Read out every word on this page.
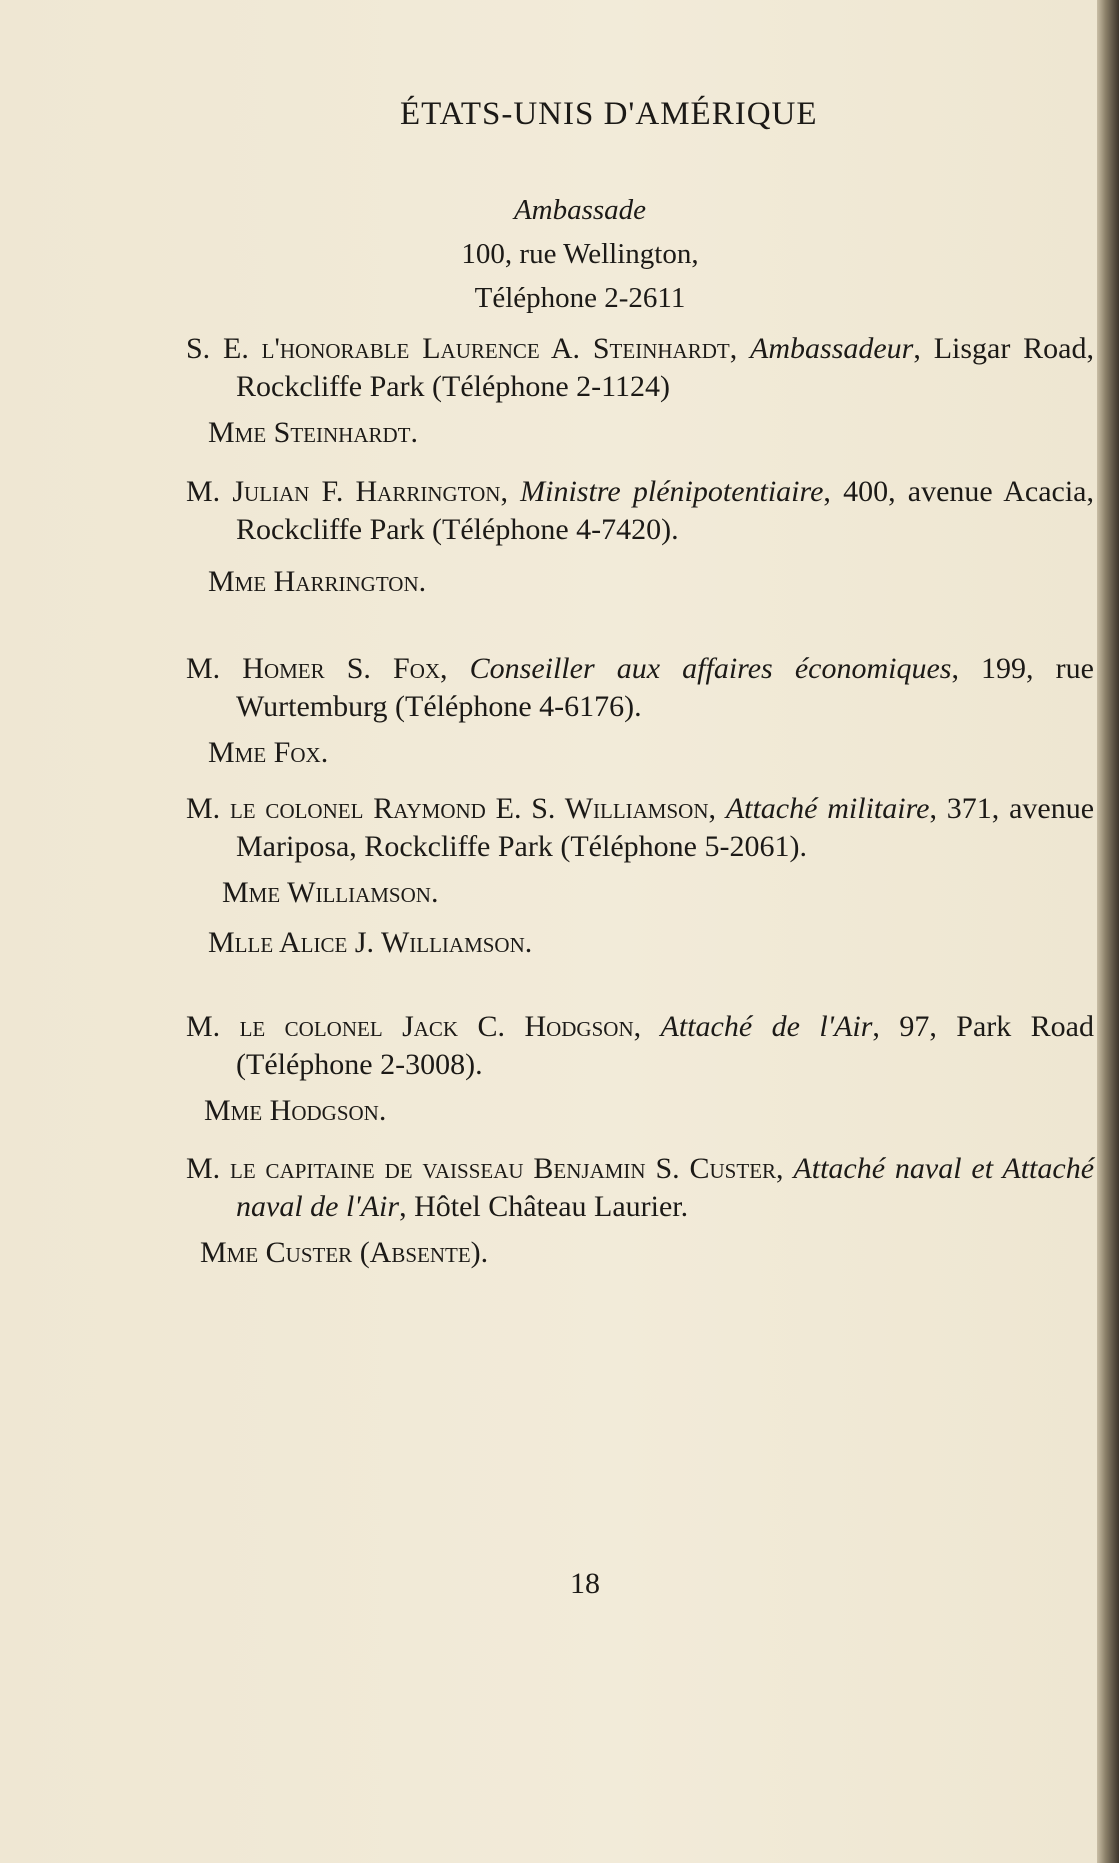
ÉTATS-UNIS D'AMÉRIQUE
Ambassade
100, rue Wellington,
Téléphone 2-2611
S. E. l'honorable Laurence A. Steinhardt, Ambassadeur, Lisgar Road, Rockcliffe Park (Téléphone 2-1124)
Mme Steinhardt.
M. Julian F. Harrington, Ministre plénipotentiaire, 400, avenue Acacia, Rockcliffe Park (Téléphone 4-7420).
Mme Harrington.
M. Homer S. Fox, Conseiller aux affaires économiques, 199, rue Wurtemburg (Téléphone 4-6176).
Mme Fox.
M. le colonel Raymond E. S. Williamson, Attaché militaire, 371, avenue Mariposa, Rockcliffe Park (Téléphone 5-2061).
Mme Williamson.
Mlle Alice J. Williamson.
M. le colonel Jack C. Hodgson, Attaché de l'Air, 97, Park Road (Téléphone 2-3008).
Mme Hodgson.
M. le capitaine de vaisseau Benjamin S. Custer, Attaché naval et Attaché naval de l'Air, Hôtel Château Laurier.
Mme Custer (Absente).
18
